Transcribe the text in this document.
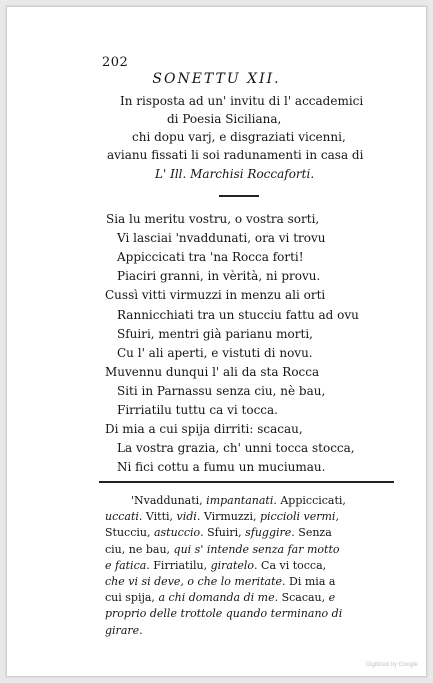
202
SONETTU XII.
In risposta ad un' invitu di l' accademici
di Poesia Siciliana,
chi dopu varj, e disgraziati vicenni,
avianu fissati li soi radunamenti in casa di
L' Ill. Marchisi Roccaforti.
Sia lu meritu vostru, o vostra sorti,
Vi lasciai 'nvaddunati, ora vi trovu
Appiccicati tra 'na Rocca forti!
Piaciri granni, in vèrità, ni provu.
Cussì vitti virmuzzi in menzu ali orti
Rannicchiati tra un stucciu fattu ad ovu
Sfuiri, mentri già parianu morti,
Cu l' ali aperti, e vistuti di novu.
Muvennu dunqui l' ali da sta Rocca
Siti in Parnassu senza ciu, nè bau,
Firriatilu tuttu ca vi tocca.
Di mia a cui spija dirriti: scacau,
La vostra grazia, ch' unni tocca stocca,
Ni fici cottu a fumu un muciumau.
'Nvaddunati, impantanati. Appiccicati,
uccati. Vitti, vidi. Virmuzzi, piccioli vermi,
Stucciu, astuccio. Sfuiri, sfuggire. Senza
ciu, ne bau, qui s' intende senza far motto
e fatica. Firriatilu, giratelo. Ca vi tocca,
che vi si deve, o che lo meritate. Di mia a
cui spija, a chi domanda di me. Scacau, e
proprio delle trottole quando terminano di
girare.
Digitized by Google
